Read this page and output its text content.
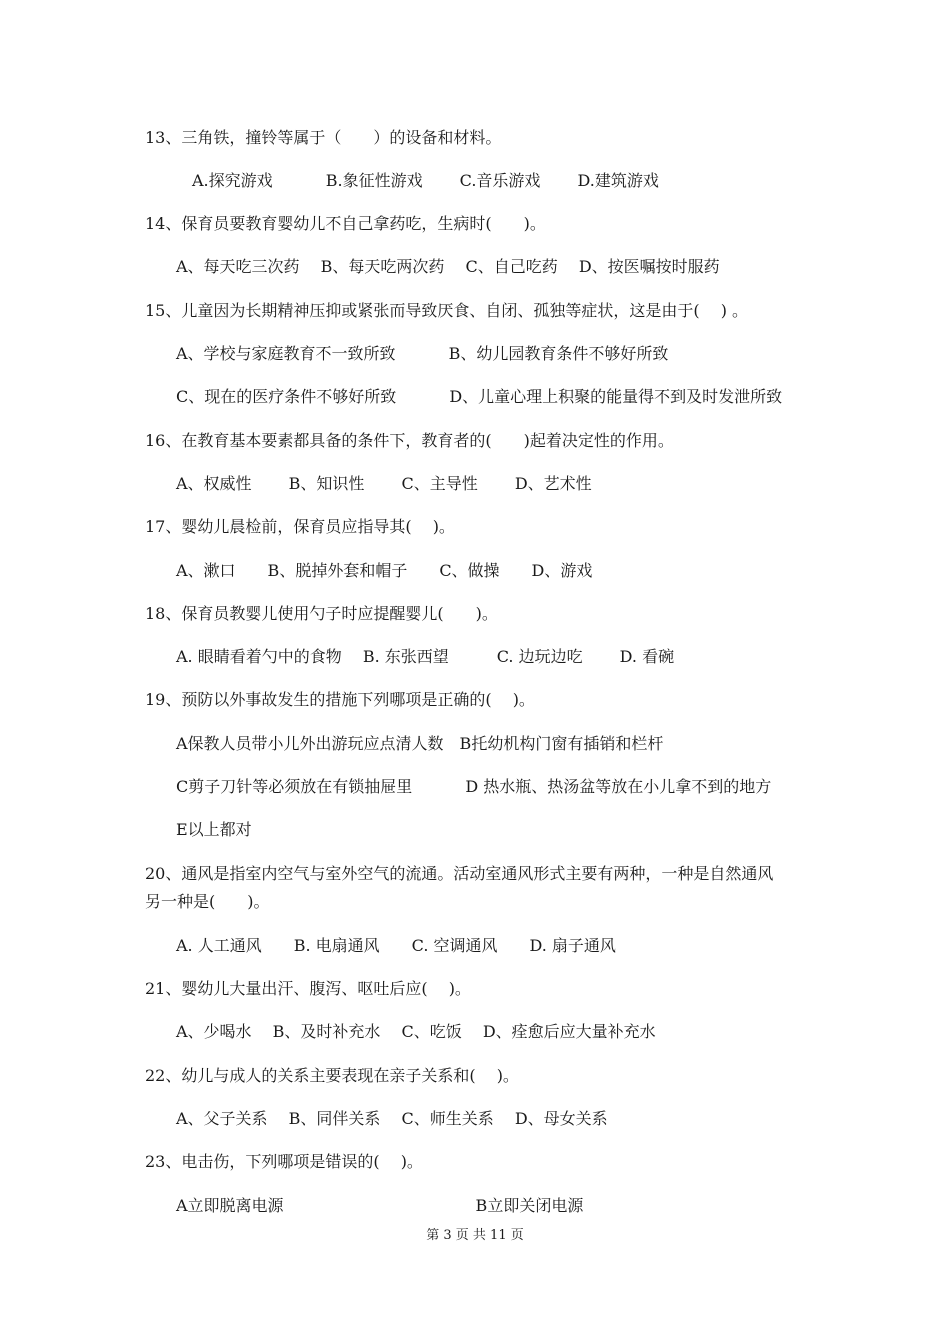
13、三角铁，撞铃等属于（　　）的设备和材料。
　A.探究游戏　　　 B.象征性游戏　　 C.音乐游戏　　 D.建筑游戏
14、保育员要教育婴幼儿不自己拿药吃，生病时(　　)。
A、每天吃三次药　 B、每天吃两次药　 C、自己吃药　 D、按医嘱按时服药
15、儿童因为长期精神压抑或紧张而导致厌食、自闭、孤独等症状，这是由于(　 ) 。
A、学校与家庭教育不一致所致　　　 B、幼儿园教育条件不够好所致
C、现在的医疗条件不够好所致　　　 D、儿童心理上积聚的能量得不到及时发泄所致
16、在教育基本要素都具备的条件下，教育者的(　　)起着决定性的作用。
A、权威性　　 B、知识性　　 C、主导性　　 D、艺术性
17、婴幼儿晨检前，保育员应指导其(　 )。
A、漱口　　B、脱掉外套和帽子　　C、做操　　D、游戏
18、保育员教婴儿使用勺子时应提醒婴儿(　　)。
A. 眼睛看着勺中的食物　 B. 东张西望　　　C. 边玩边吃　　 D. 看碗
19、预防以外事故发生的措施下列哪项是正确的(　 )。
A保教人员带小儿外出游玩应点清人数　B托幼机构门窗有插销和栏杆
C剪子刀针等必须放在有锁抽屉里　　　 D 热水瓶、热汤盆等放在小儿拿不到的地方
E以上都对
20、通风是指室内空气与室外空气的流通。活动室通风形式主要有两种，一种是自然通风
另一种是(　　)。
A. 人工通风　　B. 电扇通风　　C. 空调通风　　D. 扇子通风
21、婴幼儿大量出汗、腹泻、呕吐后应(　 )。
A、少喝水　 B、及时补充水　 C、吃饭　 D、痊愈后应大量补充水
22、幼儿与成人的关系主要表现在亲子关系和(　 )。
A、父子关系　 B、同伴关系　 C、师生关系　 D、母女关系
23、电击伤，下列哪项是错误的(　 )。
A立即脱离电源　　　　　　　　　　　　B立即关闭电源
第 3 页 共 11 页
